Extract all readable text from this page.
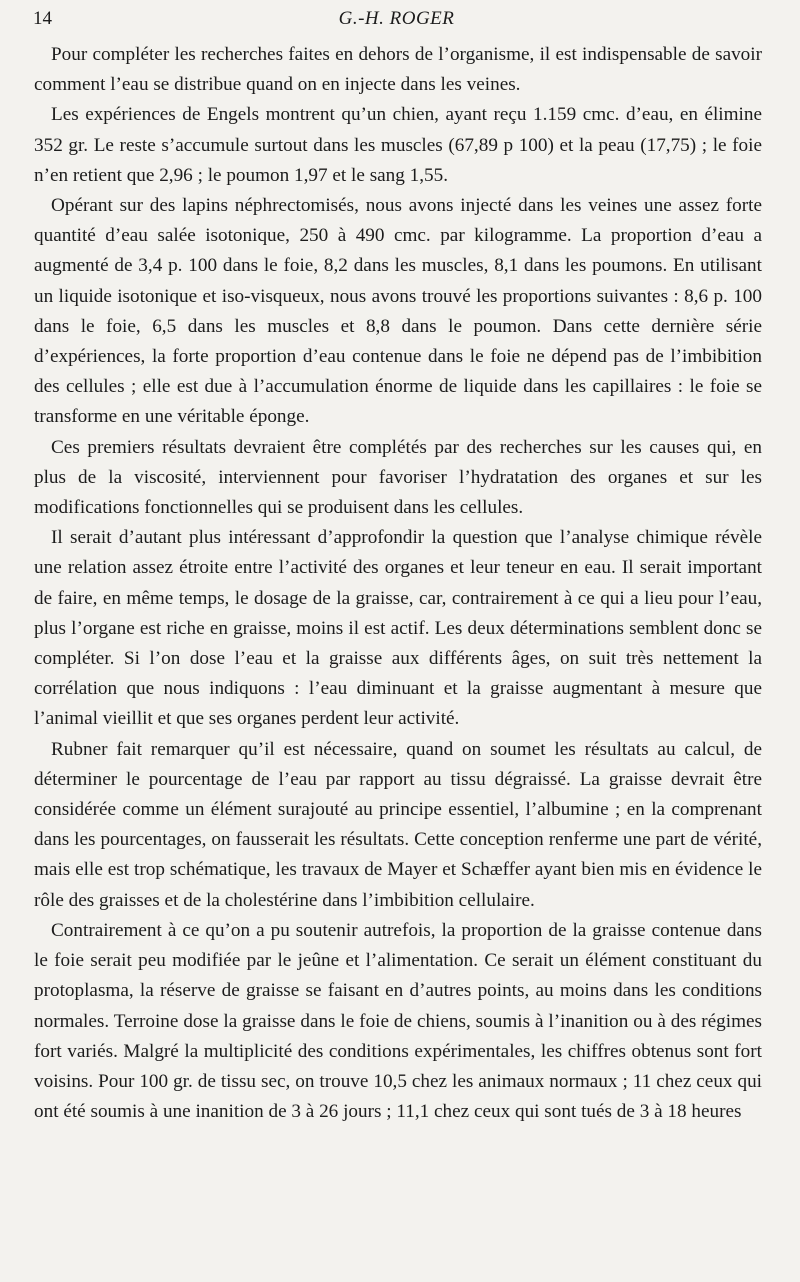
14	G.-H. ROGER

Pour compléter les recherches faites en dehors de l’organisme, il est indispensable de savoir comment l’eau se distribue quand on en injecte dans les veines.

Les expériences de Engels montrent qu’un chien, ayant reçu 1.159 cmc. d’eau, en élimine 352 gr. Le reste s’accumule surtout dans les muscles (67,89 p 100) et la peau (17,75) ; le foie n’en retient que 2,96 ; le poumon 1,97 et le sang 1,55.

Opérant sur des lapins néphrectomisés, nous avons injecté dans les veines une assez forte quantité d’eau salée isotonique, 250 à 490 cmc. par kilogramme. La proportion d’eau a augmenté de 3,4 p. 100 dans le foie, 8,2 dans les muscles, 8,1 dans les poumons. En utilisant un liquide isotonique et iso-visqueux, nous avons trouvé les proportions suivantes : 8,6 p. 100 dans le foie, 6,5 dans les muscles et 8,8 dans le poumon. Dans cette dernière série d’expériences, la forte proportion d’eau contenue dans le foie ne dépend pas de l’imbibition des cellules ; elle est due à l’accumulation énorme de liquide dans les capillaires : le foie se transforme en une véritable éponge.

Ces premiers résultats devraient être complétés par des recherches sur les causes qui, en plus de la viscosité, interviennent pour favoriser l’hydratation des organes et sur les modifications fonctionnelles qui se produisent dans les cellules.

Il serait d’autant plus intéressant d’approfondir la question que l’analyse chimique révèle une relation assez étroite entre l’activité des organes et leur teneur en eau. Il serait important de faire, en même temps, le dosage de la graisse, car, contrairement à ce qui a lieu pour l’eau, plus l’organe est riche en graisse, moins il est actif. Les deux déterminations semblent donc se compléter. Si l’on dose l’eau et la graisse aux différents âges, on suit très nettement la corrélation que nous indiquons : l’eau diminuant et la graisse augmentant à mesure que l’animal vieillit et que ses organes perdent leur activité.

Rubner fait remarquer qu’il est nécessaire, quand on soumet les résultats au calcul, de déterminer le pourcentage de l’eau par rapport au tissu dégraissé. La graisse devrait être considérée comme un élément surajouté au principe essentiel, l’albumine ; en la comprenant dans les pourcentages, on fausserait les résultats. Cette conception renferme une part de vérité, mais elle est trop schématique, les travaux de Mayer et Schæffer ayant bien mis en évidence le rôle des graisses et de la cholestérine dans l’imbibition cellulaire.

Contrairement à ce qu’on a pu soutenir autrefois, la proportion de la graisse contenue dans le foie serait peu modifiée par le jeûne et l’alimentation. Ce serait un élément constituant du protoplasma, la réserve de graisse se faisant en d’autres points, au moins dans les conditions normales. Terroine dose la graisse dans le foie de chiens, soumis à l’inanition ou à des régimes fort variés. Malgré la multiplicité des conditions expérimentales, les chiffres obtenus sont fort voisins. Pour 100 gr. de tissu sec, on trouve 10,5 chez les animaux normaux ; 11 chez ceux qui ont été soumis à une inanition de 3 à 26 jours ; 11,1 chez ceux qui sont tués de 3 à 18 heures
